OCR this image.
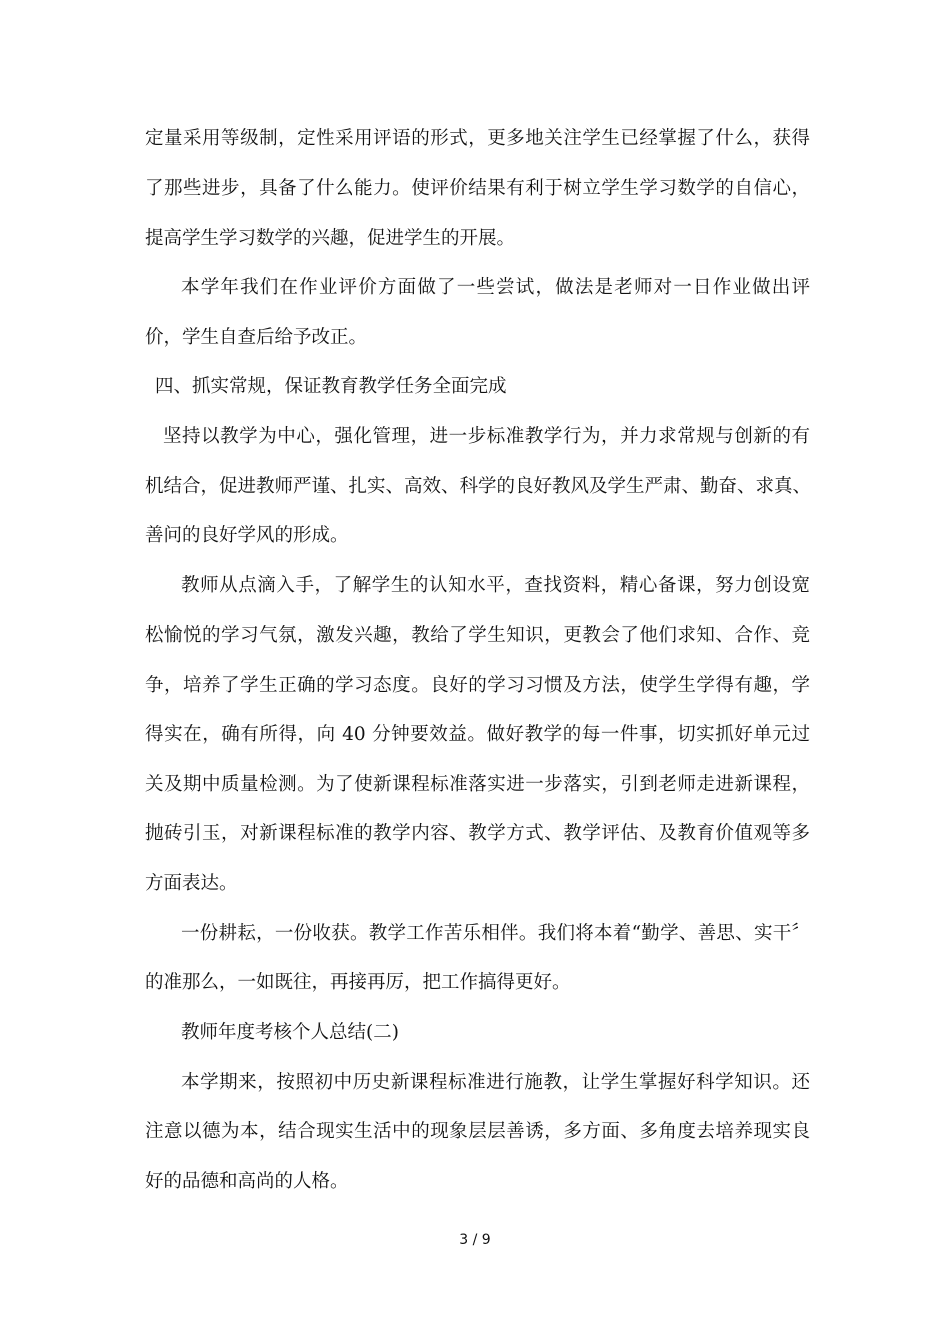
定量采用等级制，定性采用评语的形式，更多地关注学生已经掌握了什么，获得
了那些进步，具备了什么能力。使评价结果有利于树立学生学习数学的自信心，
提高学生学习数学的兴趣，促进学生的开展。
本学年我们在作业评价方面做了一些尝试，做法是老师对一日作业做出评
价，学生自查后给予改正。
四、抓实常规，保证教育教学任务全面完成
坚持以教学为中心，强化管理，进一步标准教学行为，并力求常规与创新的有
机结合，促进教师严谨、扎实、高效、科学的良好教风及学生严肃、勤奋、求真、
善问的良好学风的形成。
教师从点滴入手，了解学生的认知水平，查找资料，精心备课，努力创设宽
松愉悦的学习气氛，激发兴趣，教给了学生知识，更教会了他们求知、合作、竞
争，培养了学生正确的学习态度。良好的学习习惯及方法，使学生学得有趣，学
得实在，确有所得，向 40 分钟要效益。做好教学的每一件事，切实抓好单元过
关及期中质量检测。为了使新课程标准落实进一步落实，引到老师走进新课程，
抛砖引玉，对新课程标准的教学内容、教学方式、教学评估、及教育价值观等多
方面表达。
一份耕耘，一份收获。教学工作苦乐相伴。我们将本着“勤学、善思、实干〞
的准那么，一如既往，再接再厉，把工作搞得更好。
教师年度考核个人总结(二)
本学期来，按照初中历史新课程标准进行施教，让学生掌握好科学知识。还
注意以德为本，结合现实生活中的现象层层善诱，多方面、多角度去培养现实良
好的品德和高尚的人格。
3 / 9
